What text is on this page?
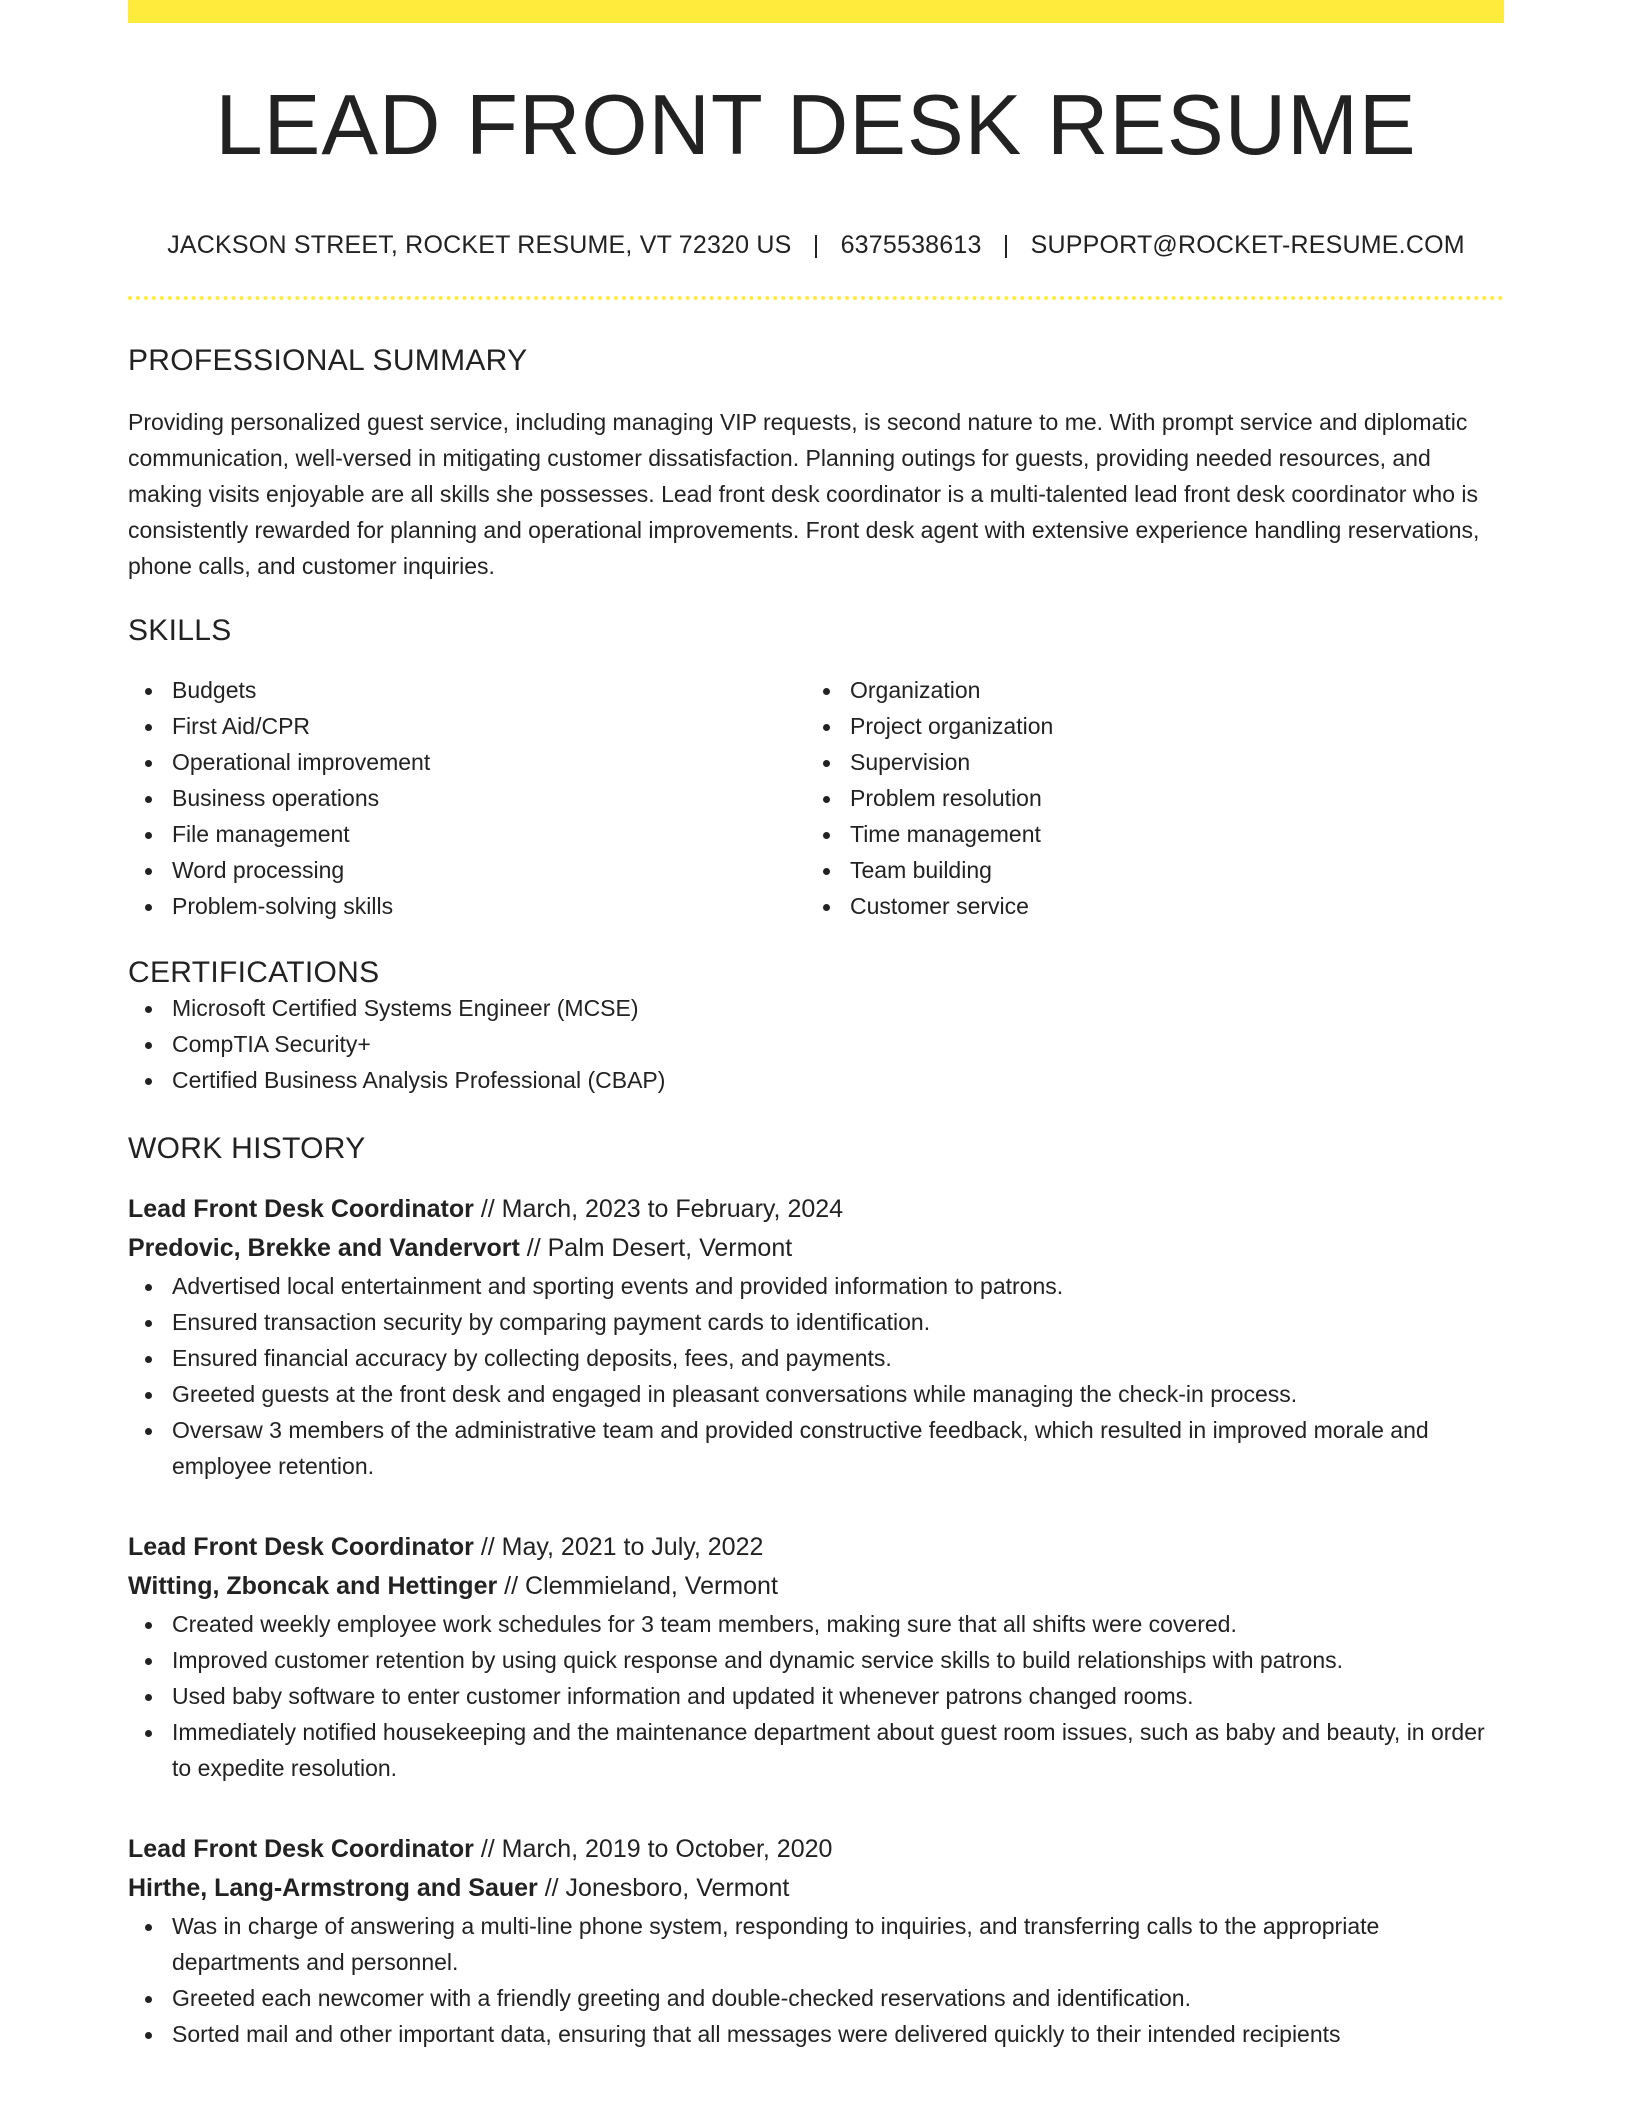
LEAD FRONT DESK RESUME
JACKSON STREET, ROCKET RESUME, VT 72320 US | 6375538613 | SUPPORT@ROCKET-RESUME.COM
PROFESSIONAL SUMMARY

Providing personalized guest service, including managing VIP requests, is second nature to me. With prompt service and diplomatic communication, well-versed in mitigating customer dissatisfaction. Planning outings for guests, providing needed resources, and making visits enjoyable are all skills she possesses. Lead front desk coordinator is a multi-talented lead front desk coordinator who is consistently rewarded for planning and operational improvements. Front desk agent with extensive experience handling reservations, phone calls, and customer inquiries.

SKILLS
Budgets
First Aid/CPR
Operational improvement
Business operations
File management
Word processing
Problem-solving skills
Organization
Project organization
Supervision
Problem resolution
Time management
Team building
Customer service
CERTIFICATIONS
Microsoft Certified Systems Engineer (MCSE)
CompTIA Security+
Certified Business Analysis Professional (CBAP)
WORK HISTORY
Lead Front Desk Coordinator // March, 2023 to February, 2024
Predovic, Brekke and Vandervort // Palm Desert, Vermont
Advertised local entertainment and sporting events and provided information to patrons.
Ensured transaction security by comparing payment cards to identification.
Ensured financial accuracy by collecting deposits, fees, and payments.
Greeted guests at the front desk and engaged in pleasant conversations while managing the check-in process.
Oversaw 3 members of the administrative team and provided constructive feedback, which resulted in improved morale and employee retention.
Lead Front Desk Coordinator // May, 2021 to July, 2022
Witting, Zboncak and Hettinger // Clemmieland, Vermont
Created weekly employee work schedules for 3 team members, making sure that all shifts were covered.
Improved customer retention by using quick response and dynamic service skills to build relationships with patrons.
Used baby software to enter customer information and updated it whenever patrons changed rooms.
Immediately notified housekeeping and the maintenance department about guest room issues, such as baby and beauty, in order to expedite resolution.
Lead Front Desk Coordinator // March, 2019 to October, 2020
Hirthe, Lang-Armstrong and Sauer // Jonesboro, Vermont
Was in charge of answering a multi-line phone system, responding to inquiries, and transferring calls to the appropriate departments and personnel.
Greeted each newcomer with a friendly greeting and double-checked reservations and identification.
Sorted mail and other important data, ensuring that all messages were delivered quickly to their intended recipients
